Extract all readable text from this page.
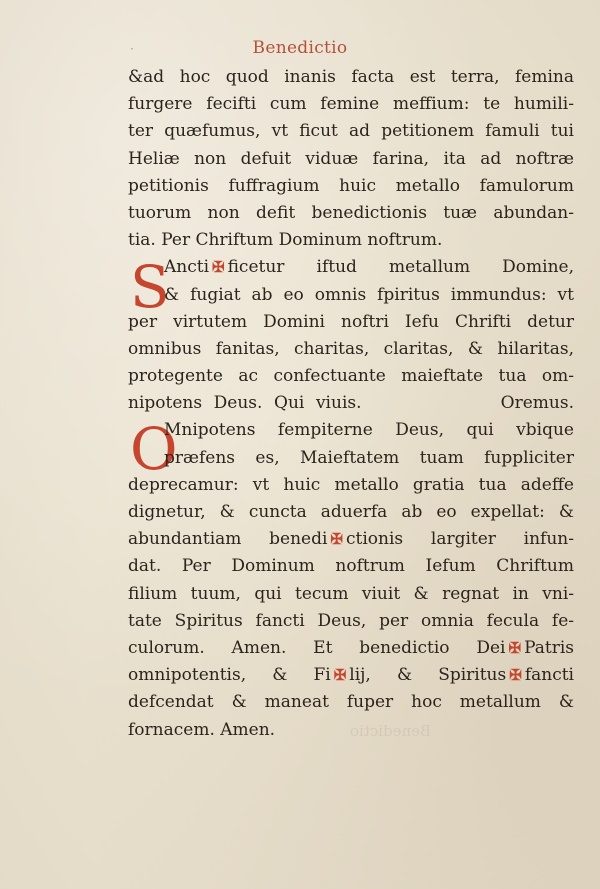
·	Benedictio
S
O
&ad hoc quod inanis facta est terra, femina
furgere fecifti cum femine meffium: te humili-
ter quæfumus, vt ficut ad petitionem famuli tui
Heliæ non defuit viduæ farina, ita ad noftræ
petitionis fuffragium huic metallo famulorum
tuorum non defit benedictionis tuæ abundan-
tia. Per Chriftum Dominum noftrum.
Ancti ✠ ficetur iftud metallum Domine,
& fugiat ab eo omnis fpiritus immundus: vt
per virtutem Domini noftri Iefu Chrifti detur
omnibus fanitas, charitas, claritas, & hilaritas,
protegente ac confectuante maieftate tua om-
nipotens Deus. Qui viuis.            Oremus.
Mnipotens fempiterne Deus, qui vbique
præfens es, Maieftatem tuam fuppliciter
deprecamur: vt huic metallo gratia tua adeffe
dignetur, & cuncta aduerfa ab eo expellat: &
abundantiam benedi ✠ ctionis largiter infun-
dat. Per Dominum noftrum Iefum Chriftum
filium tuum, qui tecum viuit & regnat in vni-
tate Spiritus fancti Deus, per omnia fecula fe-
culorum. Amen. Et benedictio Dei ✠ Patris
omnipotentis, & Fi ✠ lij, & Spiritus ✠ fancti
defcendat & maneat fuper hoc metallum &
fornacem. Amen.	Benedictio
